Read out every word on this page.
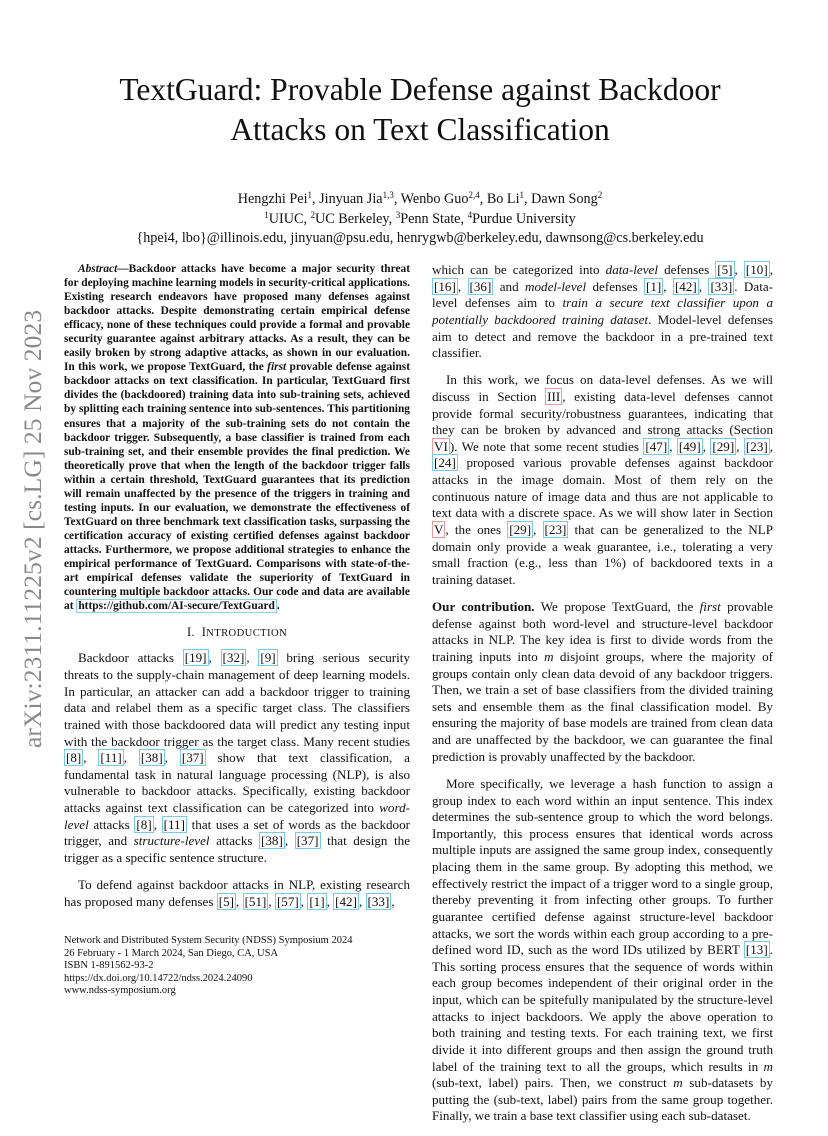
arXiv:2311.11225v2 [cs.LG] 25 Nov 2023
TextGuard: Provable Defense against Backdoor
Attacks on Text Classification
Hengzhi Pei$^1$, Jinyuan Jia$^{1,3}$, Wenbo Guo$^{2,4}$, Bo Li$^1$, Dawn Song$^2$
$^1$UIUC, $^2$UC Berkeley, $^3$Penn State, $^4$Purdue University
{hpei4, lbo}@illinois.edu, jinyuan@psu.edu, henrygwb@berkeley.edu, dawnsong@cs.berkeley.edu

Abstract—Backdoor attacks have become a major security threat for deploying machine learning models in security-critical applications. Existing research endeavors have proposed many defenses against backdoor attacks. Despite demonstrating certain empirical defense efficacy, none of these techniques could provide a formal and provable security guarantee against arbitrary attacks. As a result, they can be easily broken by strong adaptive attacks, as shown in our evaluation. In this work, we propose TextGuard, the first provable defense against backdoor attacks on text classification. In particular, TextGuard first divides the (backdoored) training data into sub-training sets, achieved by splitting each training sentence into sub-sentences. This partitioning ensures that a majority of the sub-training sets do not contain the backdoor trigger. Subsequently, a base classifier is trained from each sub-training set, and their ensemble provides the final prediction. We theoretically prove that when the length of the backdoor trigger falls within a certain threshold, TextGuard guarantees that its prediction will remain unaffected by the presence of the triggers in training and testing inputs. In our evaluation, we demonstrate the effectiveness of TextGuard on three benchmark text classification tasks, surpassing the certification accuracy of existing certified defenses against backdoor attacks. Furthermore, we propose additional strategies to enhance the empirical performance of TextGuard. Comparisons with state-of-the-art empirical defenses validate the superiority of TextGuard in countering multiple backdoor attacks. Our code and data are available at https://github.com/AI-secure/TextGuard .

I. INTRODUCTION

Backdoor attacks [19] , [32] , [9] bring serious security threats to the supply-chain management of deep learning models. In particular, an attacker can add a backdoor trigger to training data and relabel them as a specific target class. The classifiers trained with those backdoored data will predict any testing input with the backdoor trigger as the target class. Many recent studies [8] , [11] , [38] , [37] show that text classification, a fundamental task in natural language processing (NLP), is also vulnerable to backdoor attacks. Specifically, existing backdoor attacks against text classification can be categorized into word-level attacks [8] , [11] that uses a set of words as the backdoor trigger, and structure-level attacks [38] , [37] that design the trigger as a specific sentence structure.

To defend against backdoor attacks in NLP, existing research has proposed many defenses [5] , [51] , [57] , [1] , [42] , [33] ,

Network and Distributed System Security (NDSS) Symposium 2024
26 February - 1 March 2024, San Diego, CA, USA
ISBN 1-891562-93-2
https://dx.doi.org/10.14722/ndss.2024.24090
www.ndss-symposium.org

which can be categorized into data-level defenses [5] , [10] , [16] , [36] and model-level defenses [1] , [42] , [33] . Data-level defenses aim to train a secure text classifier upon a potentially backdoored training dataset. Model-level defenses aim to detect and remove the backdoor in a pre-trained text classifier.

In this work, we focus on data-level defenses. As we will discuss in Section III , existing data-level defenses cannot provide formal security/robustness guarantees, indicating that they can be broken by advanced and strong attacks (Section VI ). We note that some recent studies [47] , [49] , [29] , [23] , [24] proposed various provable defenses against backdoor attacks in the image domain. Most of them rely on the continuous nature of image data and thus are not applicable to text data with a discrete space. As we will show later in Section V , the ones [29] , [23] that can be generalized to the NLP domain only provide a weak guarantee, i.e., tolerating a very small fraction (e.g., less than 1%) of backdoored texts in a training dataset.

Our contribution. We propose TextGuard, the first provable defense against both word-level and structure-level backdoor attacks in NLP. The key idea is first to divide words from the training inputs into m disjoint groups, where the majority of groups contain only clean data devoid of any backdoor triggers. Then, we train a set of base classifiers from the divided training sets and ensemble them as the final classification model. By ensuring the majority of base models are trained from clean data and are unaffected by the backdoor, we can guarantee the final prediction is provably unaffected by the backdoor.

More specifically, we leverage a hash function to assign a group index to each word within an input sentence. This index determines the sub-sentence group to which the word belongs. Importantly, this process ensures that identical words across multiple inputs are assigned the same group index, consequently placing them in the same group. By adopting this method, we effectively restrict the impact of a trigger word to a single group, thereby preventing it from infecting other groups. To further guarantee certified defense against structure-level backdoor attacks, we sort the words within each group according to a pre-defined word ID, such as the word IDs utilized by BERT [13] . This sorting process ensures that the sequence of words within each group becomes independent of their original order in the input, which can be spitefully manipulated by the structure-level attacks to inject backdoors. We apply the above operation to both training and testing texts. For each training text, we first divide it into different groups and then assign the ground truth label of the training text to all the groups, which results in m (sub-text, label) pairs. Then, we construct m sub-datasets by putting the (sub-text, label) pairs from the same group together. Finally, we train a base text classifier using each sub-dataset.
